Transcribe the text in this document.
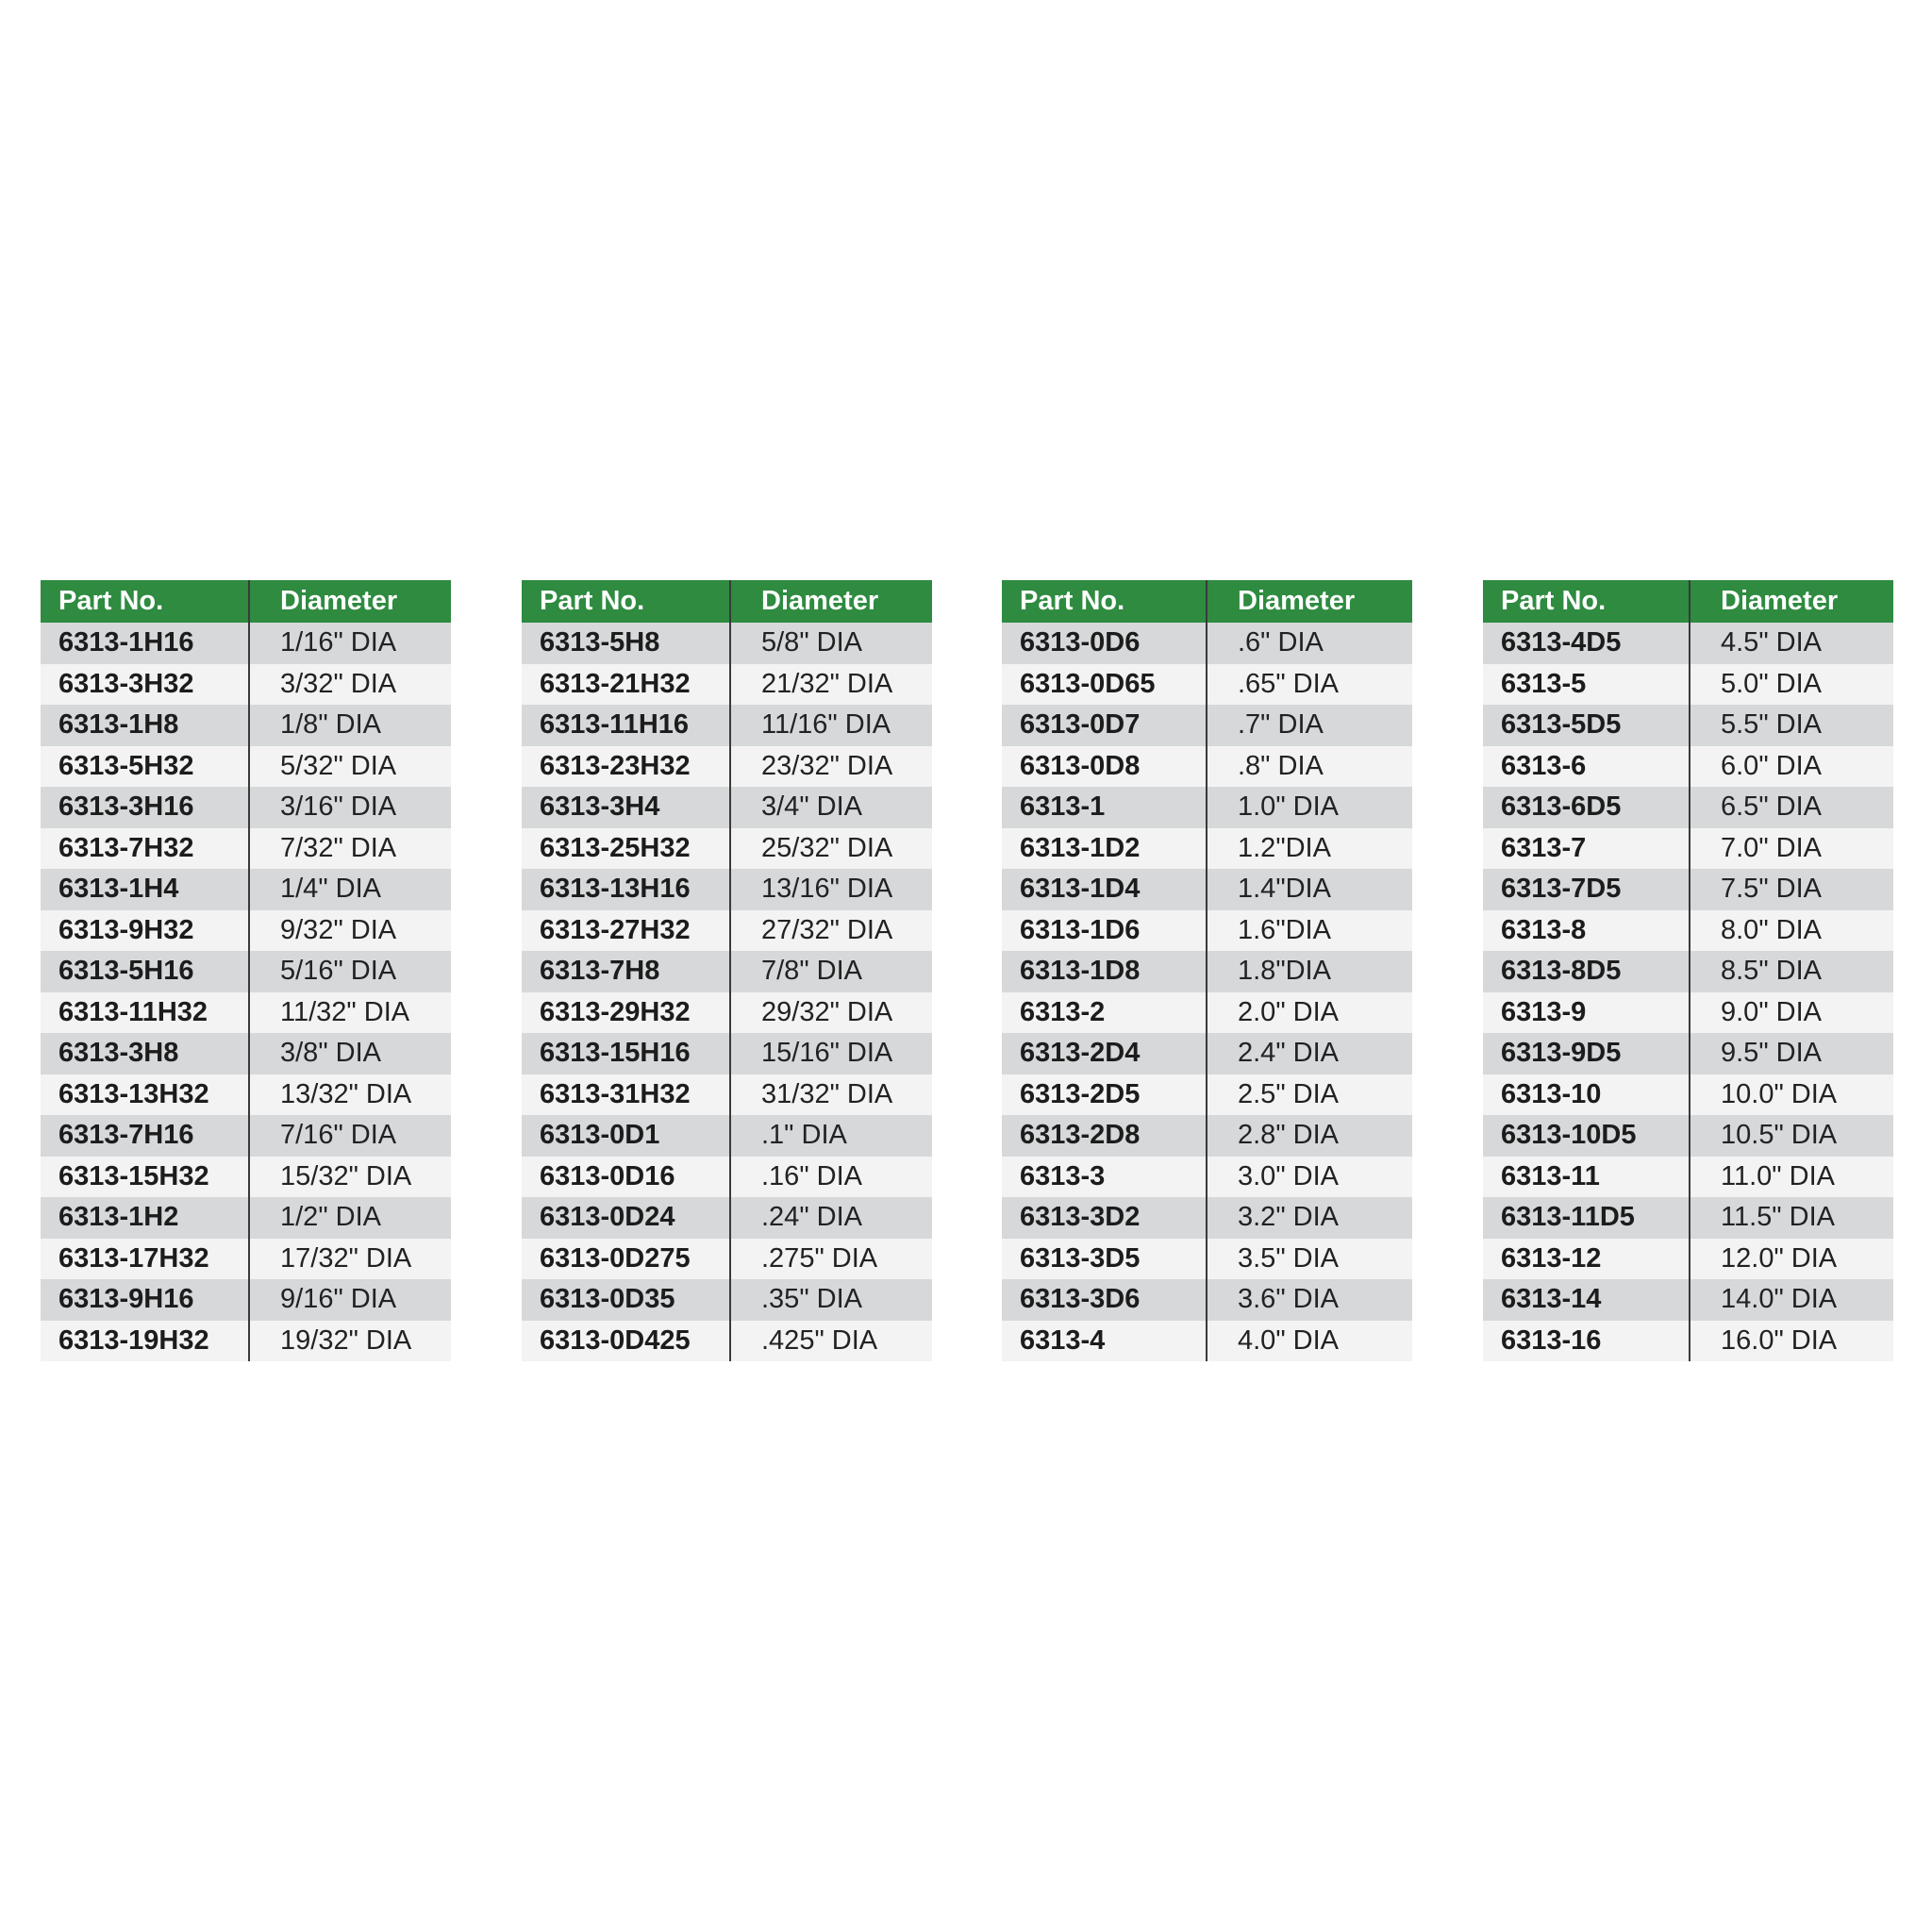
Part No.	Diameter
6313-1H16	1/16" DIA
6313-3H32	3/32" DIA
6313-1H8	1/8" DIA
6313-5H32	5/32" DIA
6313-3H16	3/16" DIA
6313-7H32	7/32" DIA
6313-1H4	1/4" DIA
6313-9H32	9/32" DIA
6313-5H16	5/16" DIA
6313-11H32	11/32" DIA
6313-3H8	3/8" DIA
6313-13H32	13/32" DIA
6313-7H16	7/16" DIA
6313-15H32	15/32" DIA
6313-1H2	1/2" DIA
6313-17H32	17/32" DIA
6313-9H16	9/16" DIA
6313-19H32	19/32" DIA
Part No.	Diameter
6313-5H8	5/8" DIA
6313-21H32	21/32" DIA
6313-11H16	11/16" DIA
6313-23H32	23/32" DIA
6313-3H4	3/4" DIA
6313-25H32	25/32" DIA
6313-13H16	13/16" DIA
6313-27H32	27/32" DIA
6313-7H8	7/8" DIA
6313-29H32	29/32" DIA
6313-15H16	15/16" DIA
6313-31H32	31/32" DIA
6313-0D1	.1" DIA
6313-0D16	.16" DIA
6313-0D24	.24" DIA
6313-0D275	.275" DIA
6313-0D35	.35" DIA
6313-0D425	.425" DIA
Part No.	Diameter
6313-0D6	.6" DIA
6313-0D65	.65" DIA
6313-0D7	.7" DIA
6313-0D8	.8" DIA
6313-1	1.0" DIA
6313-1D2	1.2"DIA
6313-1D4	1.4"DIA
6313-1D6	1.6"DIA
6313-1D8	1.8"DIA
6313-2	2.0" DIA
6313-2D4	2.4" DIA
6313-2D5	2.5" DIA
6313-2D8	2.8" DIA
6313-3	3.0" DIA
6313-3D2	3.2" DIA
6313-3D5	3.5" DIA
6313-3D6	3.6" DIA
6313-4	4.0" DIA
Part No.	Diameter
6313-4D5	4.5" DIA
6313-5	5.0" DIA
6313-5D5	5.5" DIA
6313-6	6.0" DIA
6313-6D5	6.5" DIA
6313-7	7.0" DIA
6313-7D5	7.5" DIA
6313-8	8.0" DIA
6313-8D5	8.5" DIA
6313-9	9.0" DIA
6313-9D5	9.5" DIA
6313-10	10.0" DIA
6313-10D5	10.5" DIA
6313-11	11.0" DIA
6313-11D5	11.5" DIA
6313-12	12.0" DIA
6313-14	14.0" DIA
6313-16	16.0" DIA
